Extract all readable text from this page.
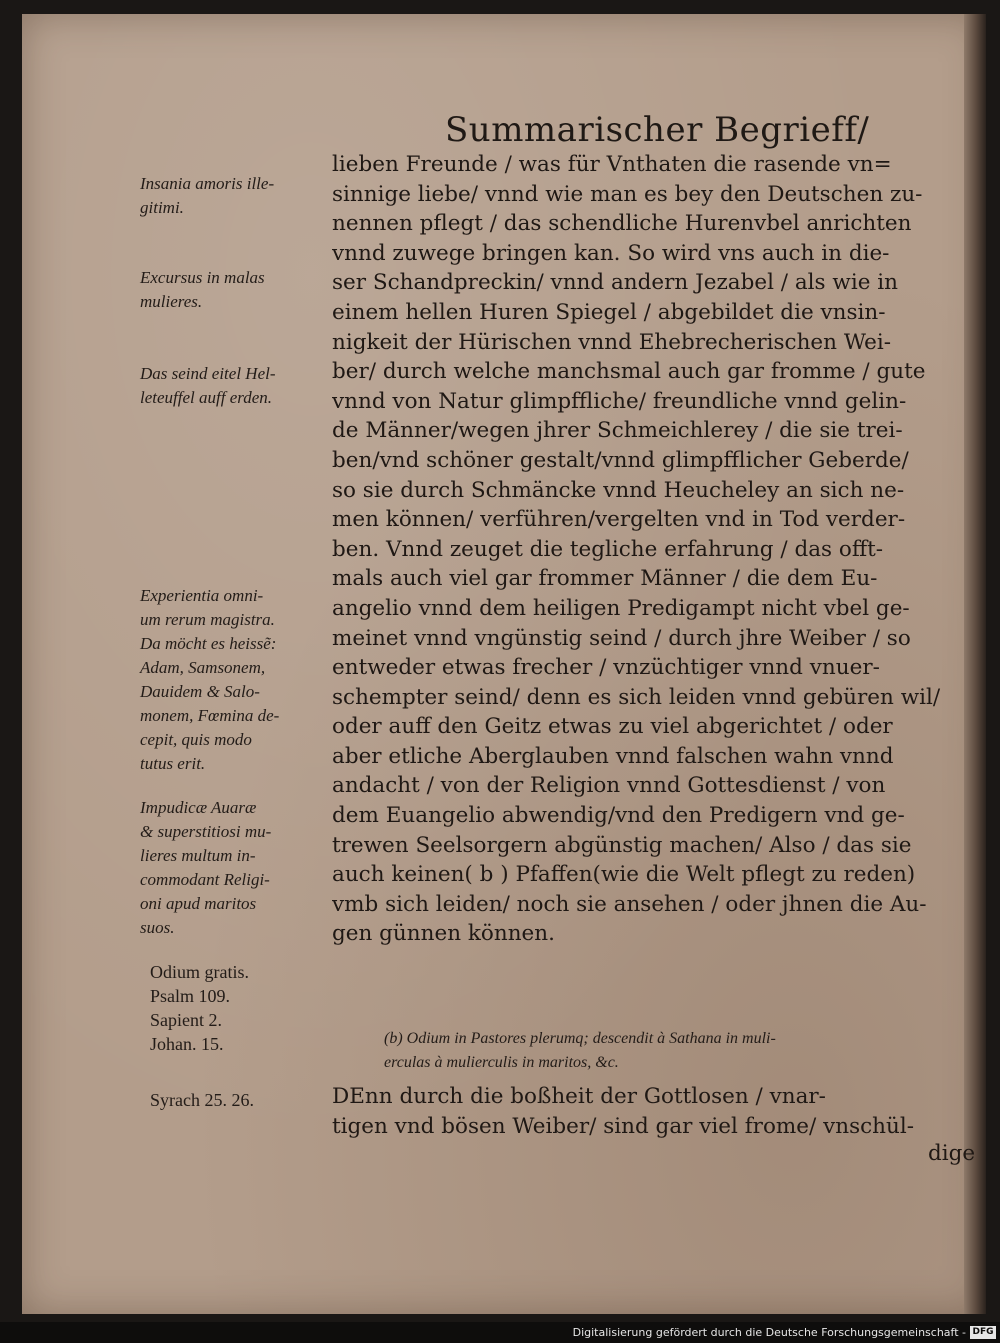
Summarischer Begrieff/
Insania amoris ille-
gitimi.
Excursus in malas
mulieres.
Das seind eitel Hel-
leteuffel auff erden.
Experientia omni-
um rerum magistra.
Da möcht es heissẽ:
Adam, Samsonem,
Dauidem & Salo-
monem, Fœmina de-
cepit, quis modo
tutus erit.
Impudicæ Auaræ
& superstitiosi mu-
lieres multum in-
commodant Religi-
oni apud maritos
suos.
Odium gratis.
Psalm 109.
Sapient 2.
Johan. 15.
Syrach 25. 26.
lieben Freunde / was für Vnthaten die rasende vn=
sinnige liebe/ vnnd wie man es bey den Deutschen zu-
nennen pflegt / das schendliche Hurenvbel anrichten
vnnd zuwege bringen kan. So wird vns auch in die-
ser Schandpreckin/ vnnd andern Jezabel / als wie in
einem hellen Huren Spiegel / abgebildet die vnsin-
nigkeit der Hürischen vnnd Ehebrecherischen Wei-
ber/ durch welche manchsmal auch gar fromme / gute
vnnd von Natur glimpffliche/ freundliche vnnd gelin-
de Männer/wegen jhrer Schmeichlerey / die sie trei-
ben/vnd schöner gestalt/vnnd glimpfflicher Geberde/
so sie durch Schmäncke vnnd Heucheley an sich ne-
men können/ verführen/vergelten vnd in Tod verder-
ben. Vnnd zeuget die tegliche erfahrung / das offt-
mals auch viel gar frommer Männer / die dem Eu-
angelio vnnd dem heiligen Predigampt nicht vbel ge-
meinet vnnd vngünstig seind / durch jhre Weiber / so
entweder etwas frecher / vnzüchtiger vnnd vnuer-
schempter seind/ denn es sich leiden vnnd gebüren wil/
oder auff den Geitz etwas zu viel abgerichtet / oder
aber etliche Aberglauben vnnd falschen wahn vnnd
andacht / von der Religion vnnd Gottesdienst / von
dem Euangelio abwendig/vnd den Predigern vnd ge-
trewen Seelsorgern abgünstig machen/ Also / das sie
auch keinen( b ) Pfaffen(wie die Welt pflegt zu reden)
vmb sich leiden/ noch sie ansehen / oder jhnen die Au-
gen günnen können.
(b) Odium in Pastores plerumq; descendit à Sathana in muli-
erculas à mulierculis in maritos, &c.
DEnn durch die boßheit der Gottlosen / vnar-
tigen vnd bösen Weiber/ sind gar viel frome/ vnschül-
dige
Digitalisierung gefördert durch die Deutsche Forschungsgemeinschaft - DFG
